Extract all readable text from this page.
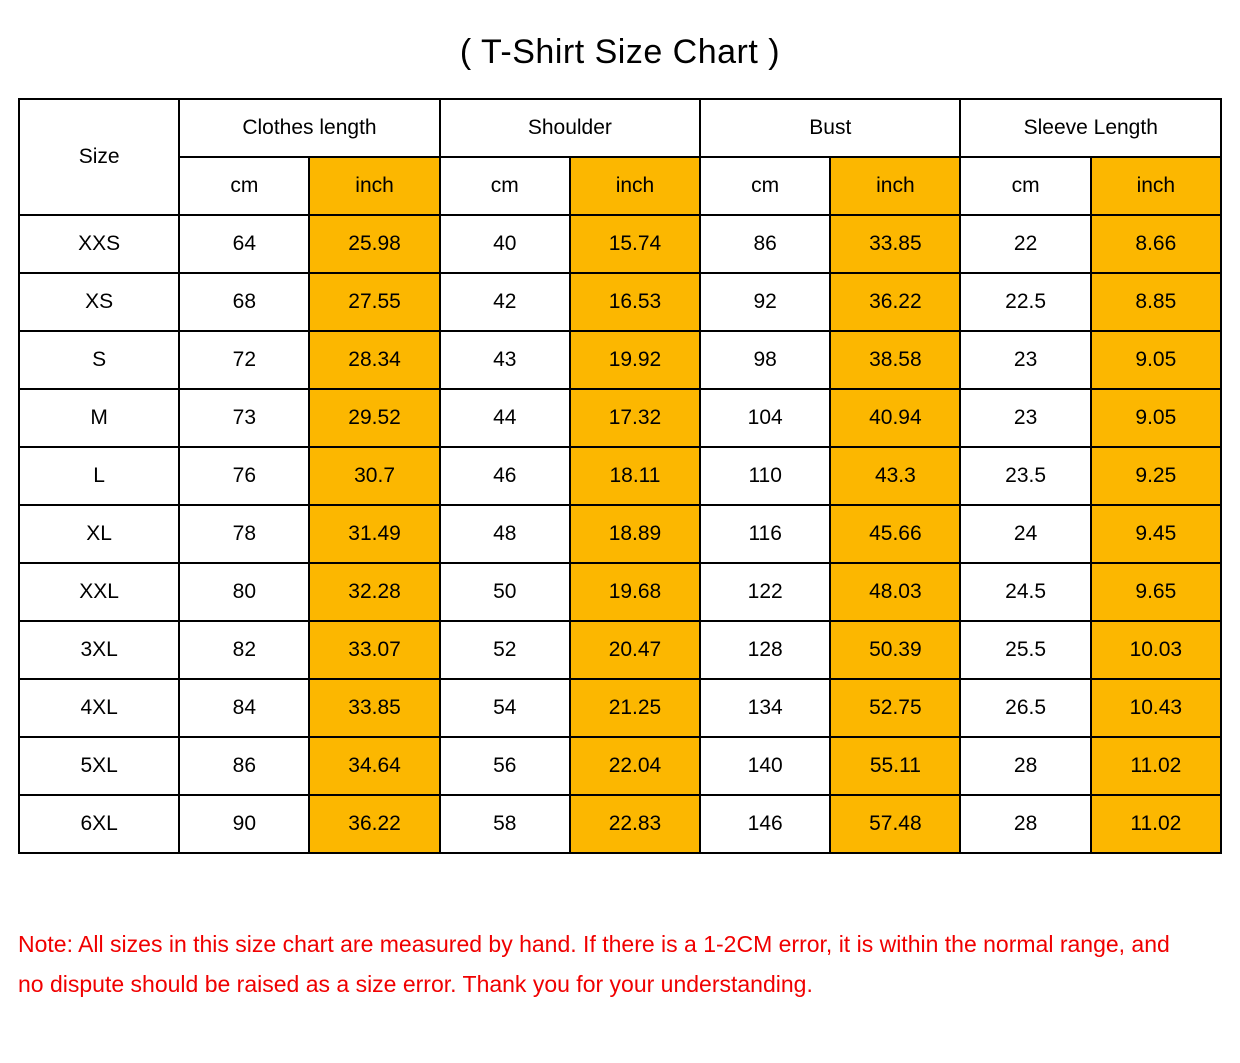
( T-Shirt Size Chart )
Size	Clothes length		Shoulder		Bust		Sleeve Length	
	cm	inch	cm	inch	cm	inch	cm	inch
XXS	64	25.98	40	15.74	86	33.85	22	8.66
XS	68	27.55	42	16.53	92	36.22	22.5	8.85
S	72	28.34	43	19.92	98	38.58	23	9.05
M	73	29.52	44	17.32	104	40.94	23	9.05
L	76	30.7	46	18.11	110	43.3	23.5	9.25
XL	78	31.49	48	18.89	116	45.66	24	9.45
XXL	80	32.28	50	19.68	122	48.03	24.5	9.65
3XL	82	33.07	52	20.47	128	50.39	25.5	10.03
4XL	84	33.85	54	21.25	134	52.75	26.5	10.43
5XL	86	34.64	56	22.04	140	55.11	28	11.02
6XL	90	36.22	58	22.83	146	57.48	28	11.02
Note: All sizes in this size chart are measured by hand. If there is a 1-2CM error, it is within the normal range, and no dispute should be raised as a size error. Thank you for your understanding.
